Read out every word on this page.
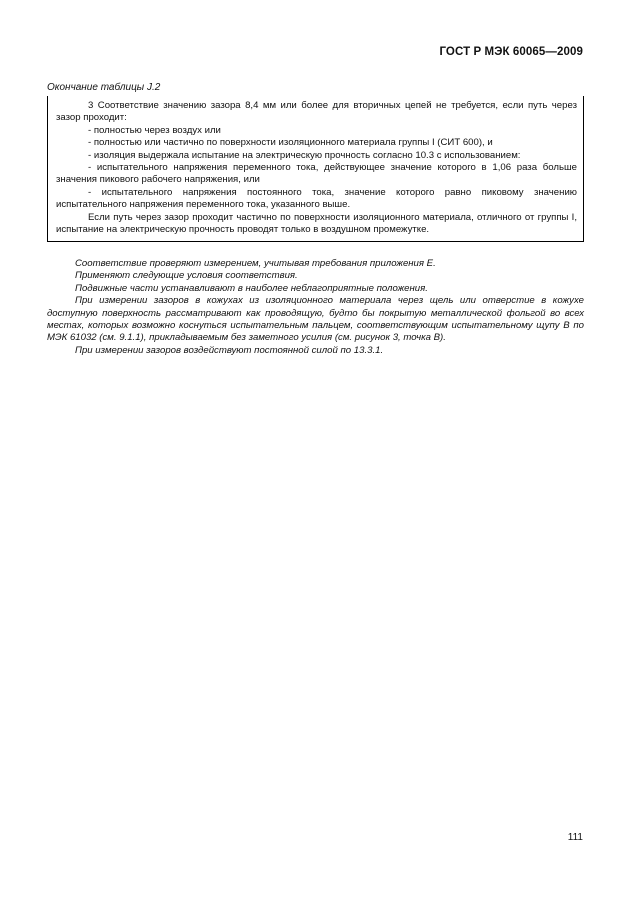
ГОСТ Р МЭК 60065—2009
Окончание таблицы J.2

3 Соответствие значению зазора 8,4 мм или более для вторичных цепей не требуется, если путь через зазор проходит:

- полностью через воздух или

- полностью или частично по поверхности изоляционного материала группы I (СИТ 600), и

- изоляция выдержала испытание на электрическую прочность согласно 10.3 с использованием:

- испытательного напряжения переменного тока, действующее значение которого в 1,06 раза больше значения пикового рабочего напряжения, или

- испытательного напряжения постоянного тока, значение которого равно пиковому значению испытательного напряжения переменного тока, указанного выше.

Если путь через зазор проходит частично по поверхности изоляционного материала, отличного от группы I, испытание на электрическую прочность проводят только в воздушном промежутке.

Соответствие проверяют измерением, учитывая требования приложения Е.

Применяют следующие условия соответствия.

Подвижные части устанавливают в наиболее неблагоприятные положения.

При измерении зазоров в кожухах из изоляционного материала через щель или отверстие в кожухе доступную поверхность рассматривают как проводящую, будто бы покрытую металлической фольгой во всех местах, которых возможно коснуться испытательным пальцем, соответствующим испытательному щупу В по МЭК 61032 (см. 9.1.1), прикладываемым без заметного усилия (см. рисунок 3, точка В).

При измерении зазоров воздействуют постоянной силой по 13.3.1.

111
